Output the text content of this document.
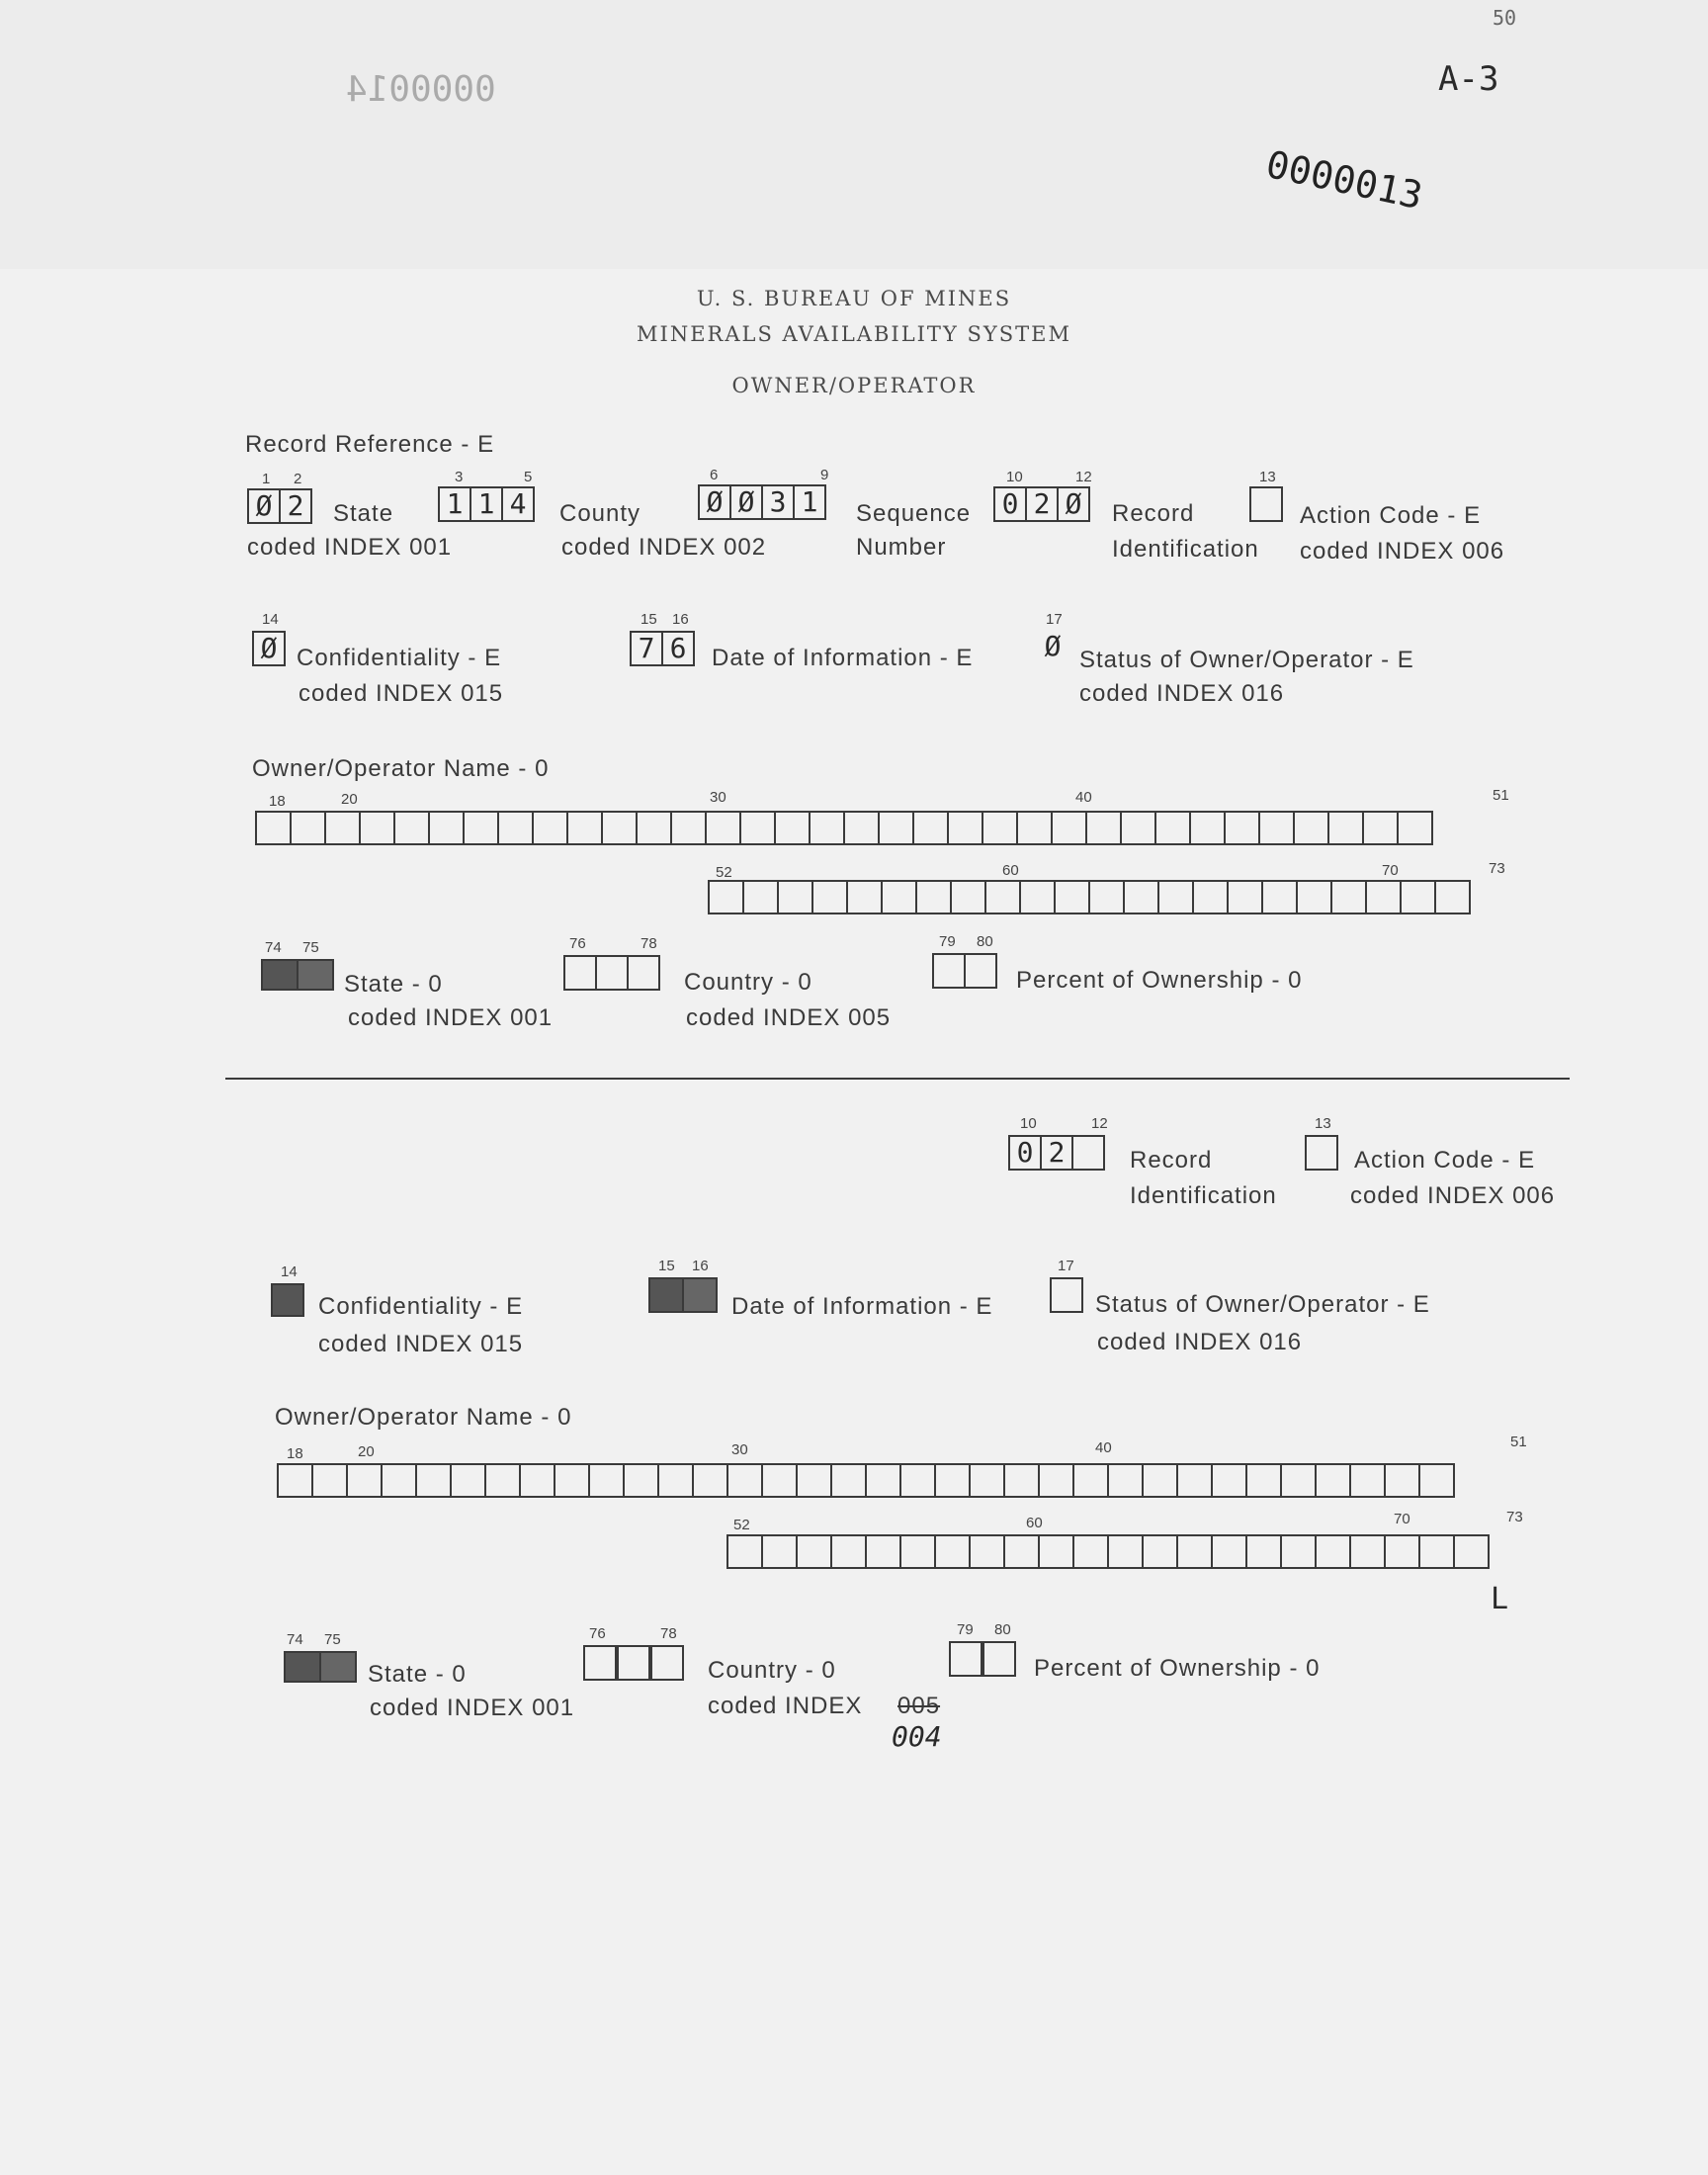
50
A-3
0000013
0000014
U. S. BUREAU OF MINES
MINERALS AVAILABILITY SYSTEM
OWNER/OPERATOR
Record Reference - E
1 2
Ø 2	State
coded INDEX 001
3	5
1 1 4	County
coded INDEX 002
6	9
Ø Ø 3 1	Sequence
Number
10	12
0 2 Ø	Record
Identification
13
Action Code - E
coded INDEX 006
14
Ø Confidentiality - E
coded INDEX 015
15 16
7 6	Date of Information - E
17
Ø Status of Owner/Operator - E
coded INDEX 016
Owner/Operator Name - 0
18	20	30	40	51
52	60	70	73
74 75
State - 0
coded INDEX 001
76	78
Country - 0
coded INDEX 005
79 80
Percent of Ownership - 0
10	12
0 2	Record
Identification
13
Action Code - E
coded INDEX 006
14
Confidentiality - E
coded INDEX 015
15 16
Date of Information - E
17
Status of Owner/Operator - E
coded INDEX 016
Owner/Operator Name - 0
18	20	30	40	51
52	60	70	73
L
74 75
State - 0
coded INDEX 001
76	78
Country - 0
coded INDEX 005
004
79 80
Percent of Ownership - 0
